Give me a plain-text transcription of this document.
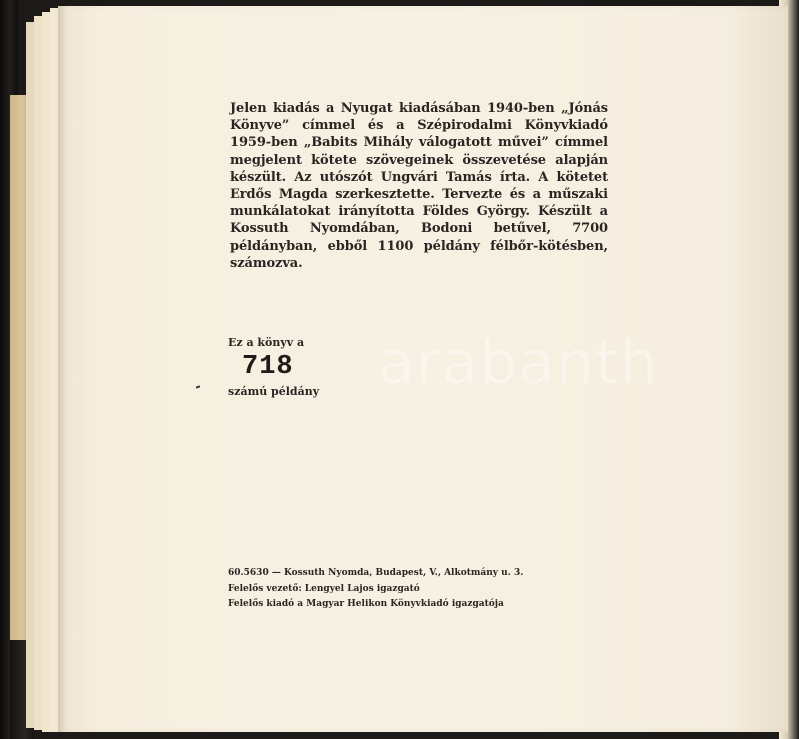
Jelen kiadás a Nyugat kiadásában 1940-ben „Jónás Könyve” címmel és a Szépirodalmi Könyvkiadó 1959-ben „Babits Mihály válogatott művei” címmel megjelent kötete szövegeinek összevetése alapján készült. Az utószót Ungvári Tamás írta. A kötetet Erdős Magda szerkesztette. Tervezte és a műszaki munkálatokat irányította Földes György. Készült a Kossuth Nyomdában, Bodoni betűvel, 7700 példányban, ebből 1100 példány félbőr-kötésben, számozva.

Ez a könyv a
718
számú példány arabanth
60.5630 — Kossuth Nyomda, Budapest, V., Alkotmány u. 3.
Felelős vezető: Lengyel Lajos igazgató
Felelős kiadó a Magyar Helikon Könyvkiadó igazgatója
